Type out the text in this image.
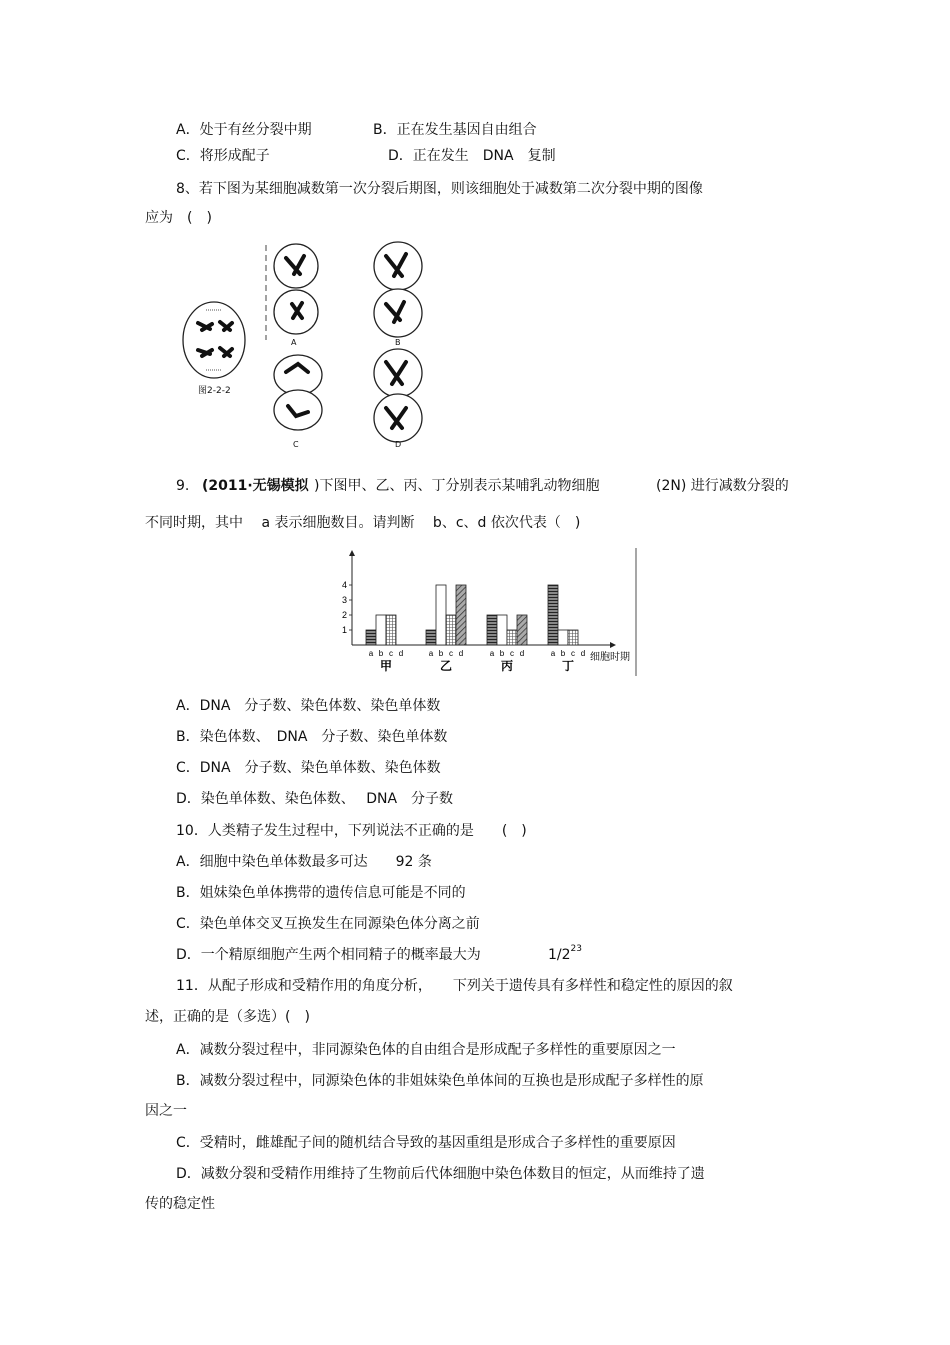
A．处于有丝分裂中期	B．正在发生基因自由组合
C．将形成配子	D．正在发生　DNA　复制
8、若下图为某细胞减数第一次分裂后期图，则该细胞处于减数第二次分裂中期的图像
应为　(　)
图2-2-2
A	B
C	D
9. (2011·无锡模拟 )下图甲、乙、丙、丁分别表示某哺乳动物细胞	(2N) 进行减数分裂的
不同时期，其中　 a 表示细胞数目。请判断　 b、c、d 依次代表（　)
1
2
3
4
a b c d
甲
a b c d
乙
a b c d
丙
a b c d
丁
细胞时期
A．DNA　分子数、染色体数、染色单体数
B．染色体数、　DNA　分子数、染色单体数
C．DNA　分子数、染色单体数、染色体数
D．染色单体数、染色体数、　 DNA　分子数
10．人类精子发生过程中，下列说法不正确的是　　(　)
A．细胞中染色单体数最多可达　　92 条
B．姐妹染色单体携带的遗传信息可能是不同的
C．染色单体交叉互换发生在同源染色体分离之前
D．一个精原细胞产生两个相同精子的概率最大为	$1/2^{23}$
11．从配子形成和受精作用的角度分析，　　下列关于遗传具有多样性和稳定性的原因的叙
述，正确的是（多选）(　)
A．减数分裂过程中，非同源染色体的自由组合是形成配子多样性的重要原因之一
B．减数分裂过程中，同源染色体的非姐妹染色单体间的互换也是形成配子多样性的原
因之一
C．受精时，雌雄配子间的随机结合导致的基因重组是形成合子多样性的重要原因
D．减数分裂和受精作用维持了生物前后代体细胞中染色体数目的恒定，从而维持了遗
传的稳定性
